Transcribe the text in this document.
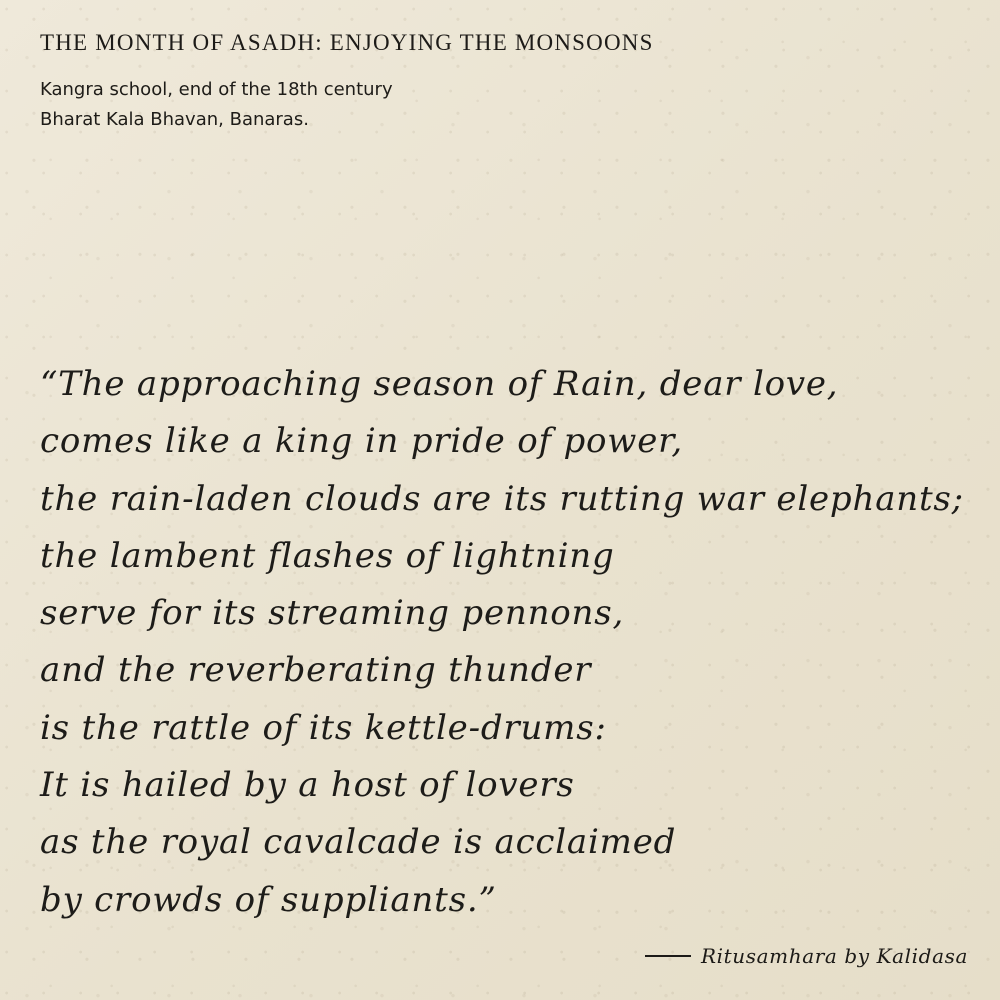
THE MONTH OF ASADH: ENJOYING THE MONSOONS

Kangra school, end of the 18th century

Bharat Kala Bhavan, Banaras.

“The approaching season of Rain, dear love,

comes like a king in pride of power,

the rain-laden clouds are its rutting war elephants;

the lambent flashes of lightning

serve for its streaming pennons,

and the reverberating thunder

is the rattle of its kettle-drums:

It is hailed by a host of lovers

as the royal cavalcade is acclaimed

by crowds of suppliants.”

Ritusamhara by Kalidasa
